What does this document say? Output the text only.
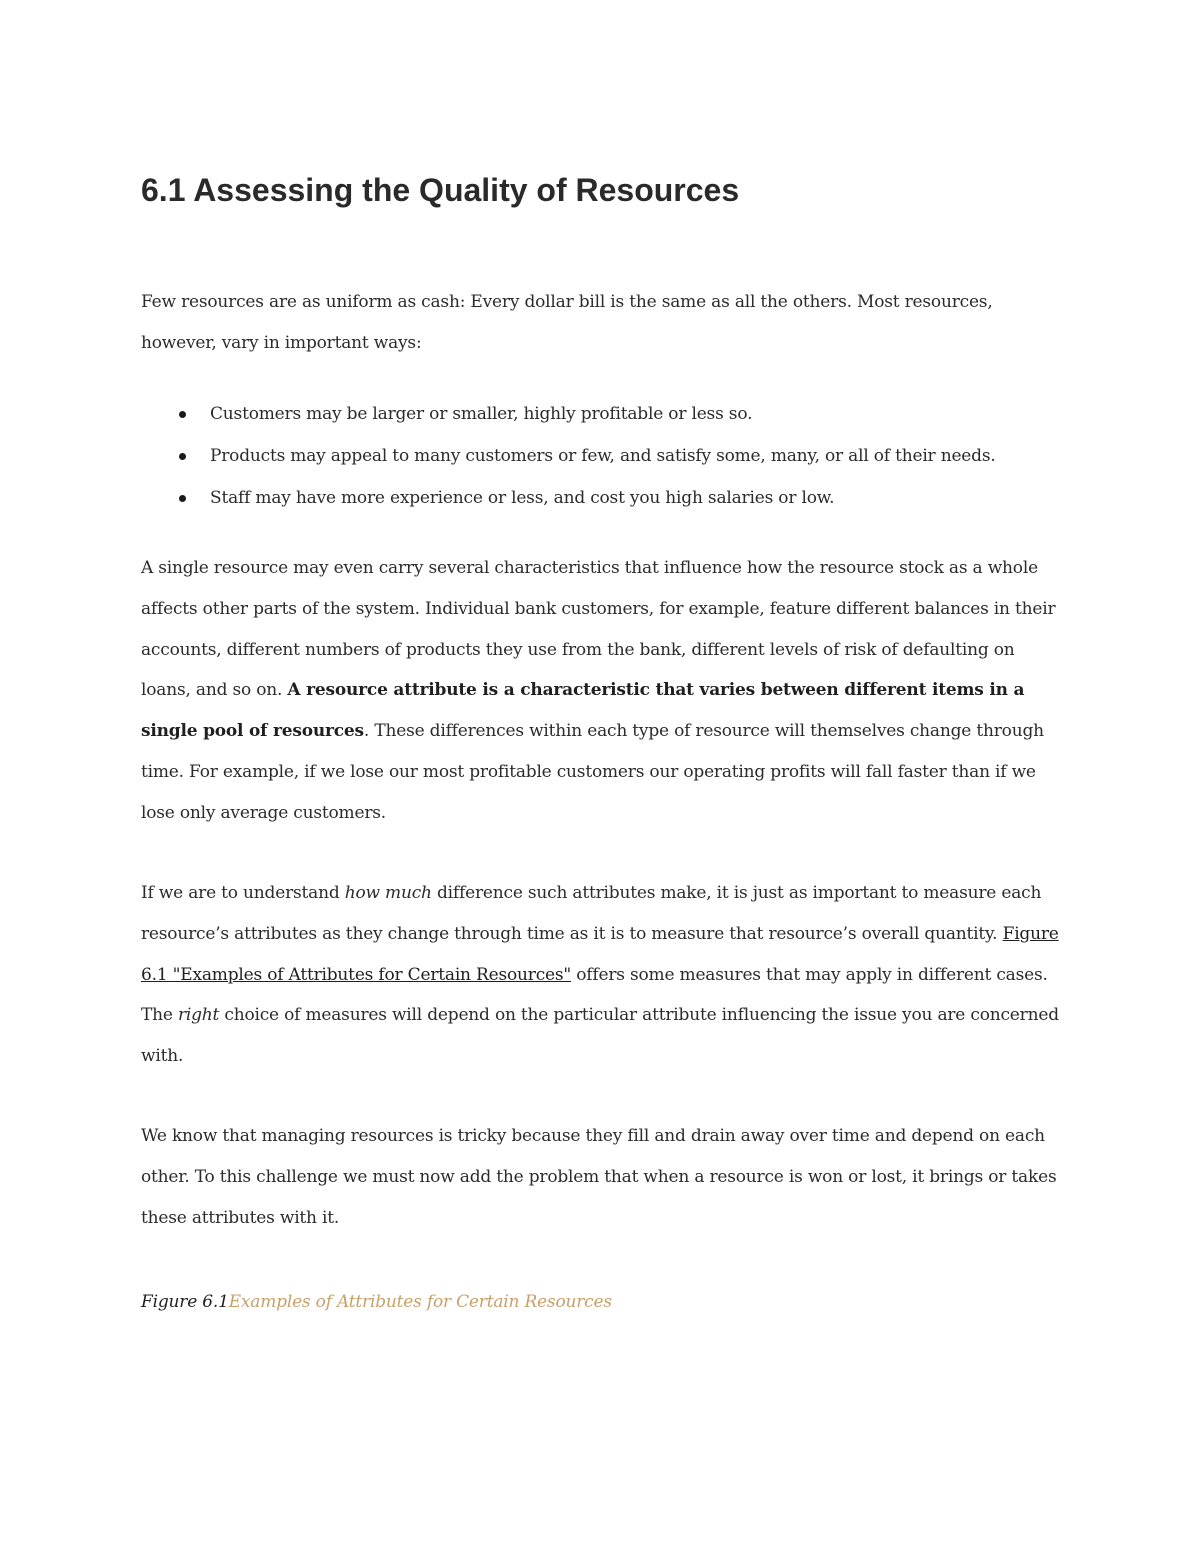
6.1 Assessing the Quality of Resources

Few resources are as uniform as cash: Every dollar bill is the same as all the others. Most resources, however, vary in important ways:

Customers may be larger or smaller, highly profitable or less so.
Products may appeal to many customers or few, and satisfy some, many, or all of their needs.
Staff may have more experience or less, and cost you high salaries or low.

A single resource may even carry several characteristics that influence how the resource stock as a whole affects other parts of the system. Individual bank customers, for example, feature different balances in their accounts, different numbers of products they use from the bank, different levels of risk of defaulting on loans, and so on. A resource attribute is a characteristic that varies between different items in a single pool of resources. These differences within each type of resource will themselves change through time. For example, if we lose our most profitable customers our operating profits will fall faster than if we lose only average customers.

If we are to understand how much difference such attributes make, it is just as important to measure each resource’s attributes as they change through time as it is to measure that resource’s overall quantity. Figure 6.1 "Examples of Attributes for Certain Resources" offers some measures that may apply in different cases. The right choice of measures will depend on the particular attribute influencing the issue you are concerned with.

We know that managing resources is tricky because they fill and drain away over time and depend on each other. To this challenge we must now add the problem that when a resource is won or lost, it brings or takes these attributes with it.

Figure 6.1Examples of Attributes for Certain Resources
